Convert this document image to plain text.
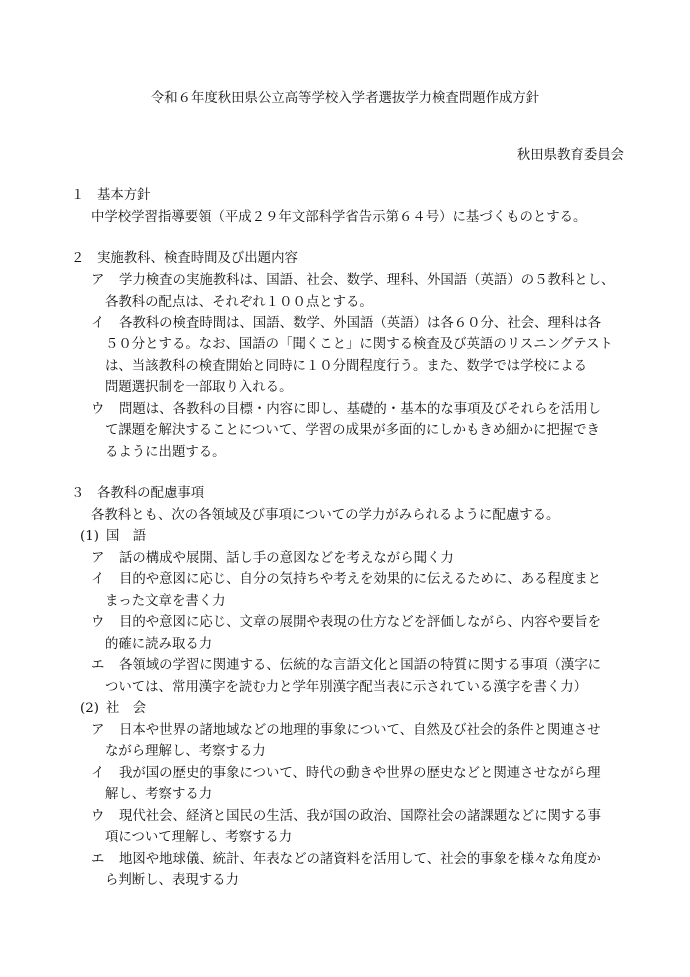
令和６年度秋田県公立高等学校入学者選抜学力検査問題作成方針
秋田県教育委員会
１ 基本方針
中学校学習指導要領（平成２９年文部科学省告示第６４号）に基づくものとする。
２ 実施教科、検査時間及び出題内容
ア 学力検査の実施教科は、国語、社会、数学、理科、外国語（英語）の５教科とし、
各教科の配点は、それぞれ１００点とする。
イ 各教科の検査時間は、国語、数学、外国語（英語）は各６０分、社会、理科は各
５０分とする。なお、国語の「聞くこと」に関する検査及び英語のリスニングテスト
は、当該教科の検査開始と同時に１０分間程度行う。また、数学では学校による
問題選択制を一部取り入れる。
ウ 問題は、各教科の目標・内容に即し、基礎的・基本的な事項及びそれらを活用し
て課題を解決することについて、学習の成果が多面的にしかもきめ細かに把握でき
るように出題する。
３ 各教科の配慮事項
各教科とも、次の各領域及び事項についての学力がみられるように配慮する。
(1) 国　語
ア 話の構成や展開、話し手の意図などを考えながら聞く力
イ 目的や意図に応じ、自分の気持ちや考えを効果的に伝えるために、ある程度まと
まった文章を書く力
ウ 目的や意図に応じ、文章の展開や表現の仕方などを評価しながら、内容や要旨を
的確に読み取る力
エ 各領域の学習に関連する、伝統的な言語文化と国語の特質に関する事項（漢字に
ついては、常用漢字を読む力と学年別漢字配当表に示されている漢字を書く力）
(2) 社　会
ア 日本や世界の諸地域などの地理的事象について、自然及び社会的条件と関連させ
ながら理解し、考察する力
イ 我が国の歴史的事象について、時代の動きや世界の歴史などと関連させながら理
解し、考察する力
ウ 現代社会、経済と国民の生活、我が国の政治、国際社会の諸課題などに関する事
項について理解し、考察する力
エ 地図や地球儀、統計、年表などの諸資料を活用して、社会的事象を様々な角度か
ら判断し、表現する力
